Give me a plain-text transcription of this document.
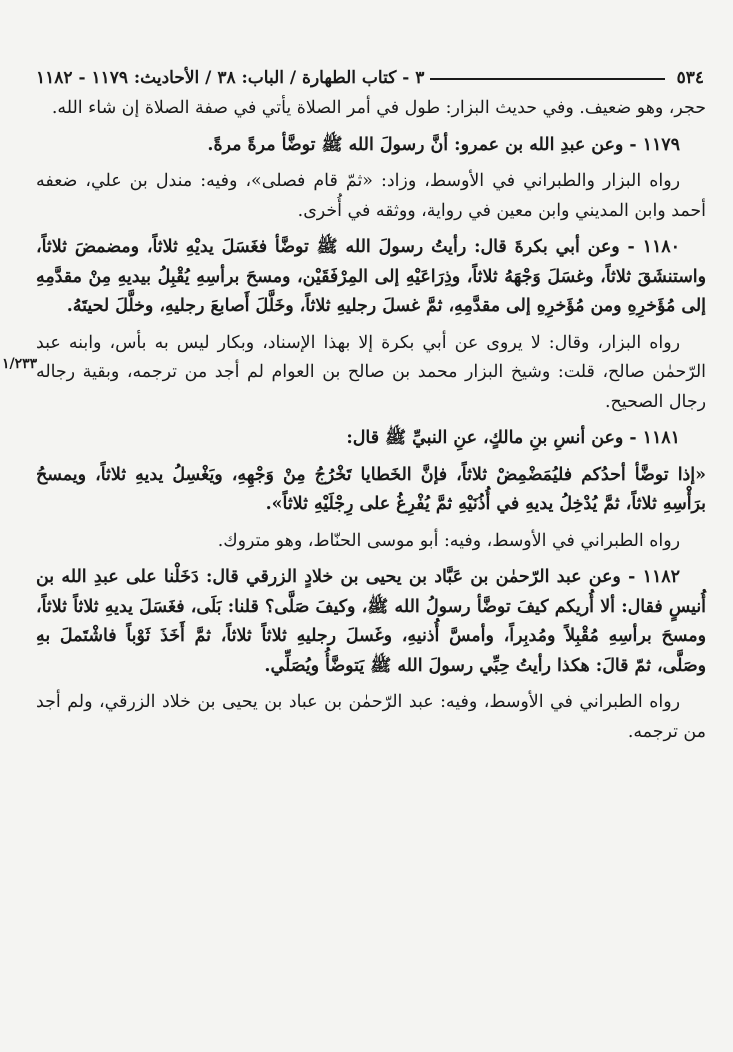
٥٣٤
٣ - كتاب الطهارة / الباب: ٣٨ / الأحاديث: ١١٧٩ - ١١٨٢
١/٢٣٣

حجر، وهو ضعيف. وفي حديث البزار: طول في أمر الصلاة يأتي في صفة الصلاة إن شاء الله.

١١٧٩ - وعن عبدِ الله بن عمرو: أنَّ رسولَ الله ﷺ توضَّأ مرةً مرةً.

رواه البزار والطبراني في الأوسط، وزاد: «ثمّ قام فصلى»، وفيه: مندل بن علي، ضعفه أحمد وابن المديني وابن معين في رواية، ووثقه في أُخرى.

١١٨٠ - وعن أبي بكرةَ قال: رأيتُ رسولَ الله ﷺ توضَّأ فغَسَلَ يديْهِ ثلاثاً، ومضمضَ ثلاثاً، واستنشَقَ ثلاثاً، وغسَلَ وَجْهَهُ ثلاثاً، وذِرَاعَيْهِ إلى المِرْفَقَيْن، ومسحَ برأسِهِ يُقْبِلُ بيديهِ مِنْ مقدَّمِهِ إلى مُؤَخرِهِ ومن مُؤَخرِهِ إلى مقدَّمِهِ، ثمَّ غسلَ رجليهِ ثلاثاً، وخَلَّلَ أَصابعَ رجليهِ، وخلَّلَ لحيتَهُ.

رواه البزار، وقال: لا يروى عن أبي بكرة إلا بهذا الإسناد، وبكار ليس به بأس، وابنه عبد الرّحمٰن صالح، قلت: وشيخ البزار محمد بن صالح بن العوام لم أجد من ترجمه، وبقية رجاله رجال الصحيح.

١١٨١ - وعن أنسِ بنِ مالكٍ، عنِ النبيِّ ﷺ قال:

«إذا توضَّأ أحدُكم فليُمَضْمِضْ ثلاثاً، فإنَّ الخَطايا تَخْرُجُ مِنْ وَجْهِهِ، ويَغْسِلُ يديهِ ثلاثاً، ويمسحُ برَأْسِهِ ثلاثاً، ثمَّ يُدْخِلُ يديهِ في أُذُنَيْهِ ثمَّ يُفْرِغُ على رِجْلَيْهِ ثلاثاً».

رواه الطبراني في الأوسط، وفيه: أبو موسى الحنّاط، وهو متروك.

١١٨٢ - وعن عبد الرّحمٰن بن عَبَّاد بن يحيى بن خلادٍ الزرقي قال: دَخَلْنا على عبدِ الله بن أُنيسٍ فقال: ألا أُريكم كيفَ توضَّأ رسولُ الله ﷺ، وكيفَ صَلَّى؟ قلنا: بَلَى، فغَسَلَ يديهِ ثلاثاً ثلاثاً، ومسحَ برأسِهِ مُقْبِلاً ومُدبِراً، وأمسَّ أُذنيهِ، وغَسلَ رجليهِ ثلاثاً ثلاثاً، ثمَّ أَخَذَ ثَوْباً فاشْتَملَ بهِ وصَلَّى، ثمّ قالَ: هكذا رأيتُ حِبِّي رسولَ الله ﷺ يَتوضَّأُ ويُصَلِّي.

رواه الطبراني في الأوسط، وفيه: عبد الرّحمٰن بن عباد بن يحيى بن خلاد الزرقي، ولم أجد من ترجمه.
